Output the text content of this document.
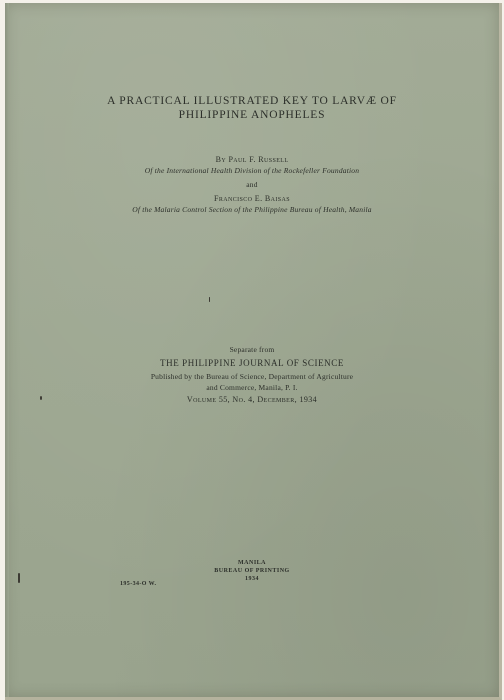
A PRACTICAL ILLUSTRATED KEY TO LARVÆ OF
PHILIPPINE ANOPHELES
By Paul F. Russell
Of the International Health Division of the Rockefeller Foundation
and
Francisco E. Baisas
Of the Malaria Control Section of the Philippine Bureau of Health, Manila
Separate from
THE PHILIPPINE JOURNAL OF SCIENCE
Published by the Bureau of Science, Department of Agriculture
and Commerce, Manila, P. I.
Volume 55, No. 4, December, 1934
MANILA
BUREAU OF PRINTING
1934
195-34-O W.
